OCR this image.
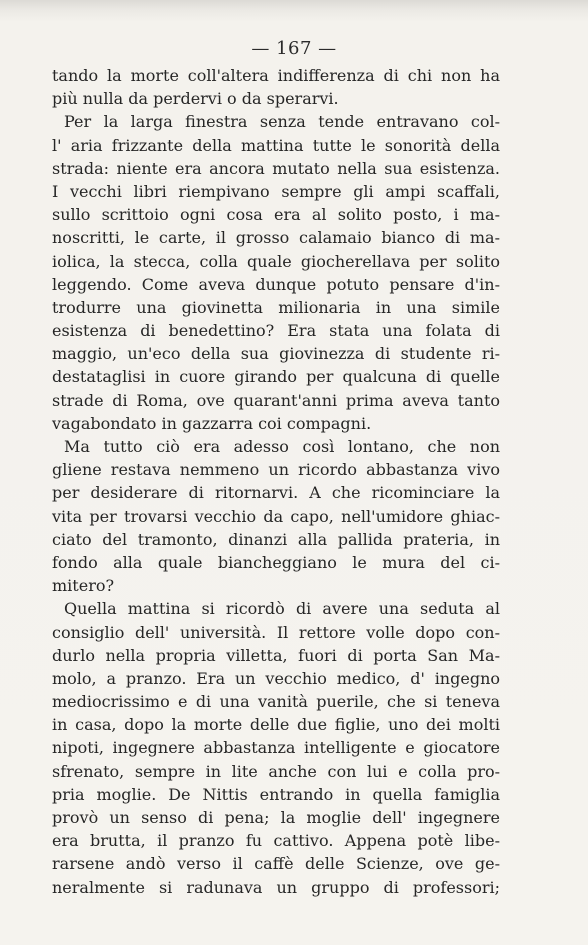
— 167 —
tando la morte coll'altera indifferenza di chi non ha
più nulla da perdervi o da sperarvi.
Per la larga finestra senza tende entravano col-
l' aria frizzante della mattina tutte le sonorità della
strada: niente era ancora mutato nella sua esistenza.
I vecchi libri riempivano sempre gli ampi scaffali,
sullo scrittoio ogni cosa era al solito posto, i ma-
noscritti, le carte, il grosso calamaio bianco di ma-
iolica, la stecca, colla quale giocherellava per solito
leggendo. Come aveva dunque potuto pensare d'in-
trodurre una giovinetta milionaria in una simile
esistenza di benedettino? Era stata una folata di
maggio, un'eco della sua giovinezza di studente ri-
destataglisi in cuore girando per qualcuna di quelle
strade di Roma, ove quarant'anni prima aveva tanto
vagabondato in gazzarra coi compagni.
Ma tutto ciò era adesso così lontano, che non
gliene restava nemmeno un ricordo abbastanza vivo
per desiderare di ritornarvi. A che ricominciare la
vita per trovarsi vecchio da capo, nell'umidore ghiac-
ciato del tramonto, dinanzi alla pallida prateria, in
fondo alla quale biancheggiano le mura del ci-
mitero?
Quella mattina si ricordò di avere una seduta al
consiglio dell' università. Il rettore volle dopo con-
durlo nella propria villetta, fuori di porta San Ma-
molo, a pranzo. Era un vecchio medico, d' ingegno
mediocrissimo e di una vanità puerile, che si teneva
in casa, dopo la morte delle due figlie, uno dei molti
nipoti, ingegnere abbastanza intelligente e giocatore
sfrenato, sempre in lite anche con lui e colla pro-
pria moglie. De Nittis entrando in quella famiglia
provò un senso di pena; la moglie dell' ingegnere
era brutta, il pranzo fu cattivo. Appena potè libe-
rarsene andò verso il caffè delle Scienze, ove ge-
neralmente si radunava un gruppo di professori;
